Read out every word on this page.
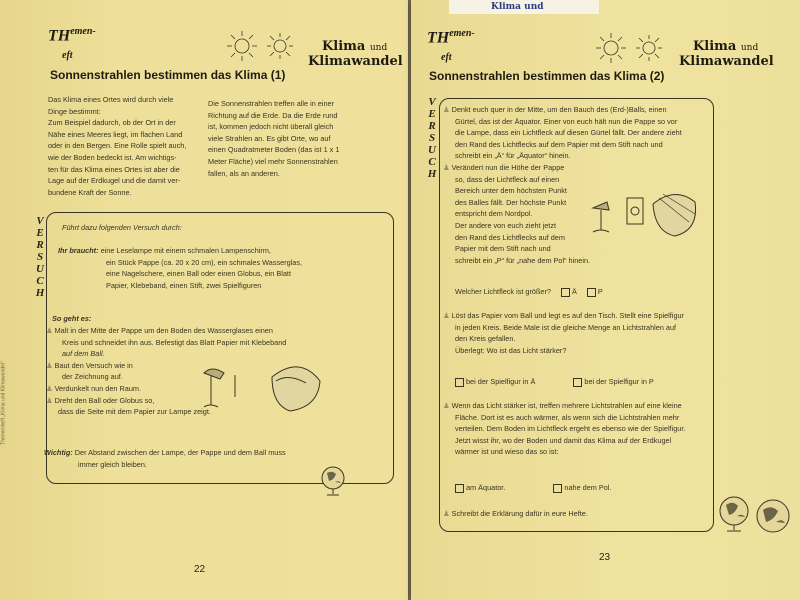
$TH^{emen-}$
eft
Klima und
Klimawandel
Sonnenstrahlen bestimmen das Klima (1)
Das Klima eines Ortes wird durch viele
Dinge bestimmt:
Zum Beispiel dadurch, ob der Ort in der
Nähe eines Meeres liegt, im flachen Land
oder in den Bergen. Eine Rolle spielt auch,
wie der Boden bedeckt ist. Am wichtigs-
ten für das Klima eines Ortes ist aber die
Lage auf der Erdkugel und die damit ver-
bundene Kraft der Sonne.
Die Sonnenstrahlen treffen alle in einer
Richtung auf die Erde. Da die Erde rund
ist, kommen jedoch nicht überall gleich
viele Strahlen an. Es gibt Orte, wo auf
einen Quadratmeter Boden (das ist 1 x 1
Meter Fläche) viel mehr Sonnenstrahlen
fallen, als an anderen.
V
E
R
S
U
C
H
Führt dazu folgenden Versuch durch:
Ihr braucht: eine Leselampe mit einem schmalen Lampenschirm,
ein Stück Pappe (ca. 20 x 20 cm), ein schmales Wasserglas,
eine Nagelschere, einen Ball oder einen Globus, ein Blatt
Papier, Klebeband, einen Stift, zwei Spielfiguren
So geht es:
♟ Malt in der Mitte der Pappe um den Boden des Wasserglases einen
Kreis und schneidet ihn aus. Befestigt das Blatt Papier mit Klebeband
auf dem Ball.
♟ Baut den Versuch wie in
der Zeichnung auf.
♟ Verdunkelt nun den Raum.
♟ Dreht den Ball oder Globus so,
dass die Seite mit dem Papier zur Lampe zeigt.
Wichtig: Der Abstand zwischen der Lampe, der Pappe und dem Ball muss
immer gleich bleiben.
22
Themenheft „Klima und Klimawandel“
Klima und
$TH^{emen-}$
eft
Klima und
Klimawandel
Sonnenstrahlen bestimmen das Klima (2)
V
E
R
S
U
C
H
♟ Denkt euch quer in der Mitte, um den Bauch des (Erd-)Balls, einen
Gürtel, das ist der Äquator. Einer von euch hält nun die Pappe so vor
die Lampe, dass ein Lichtfleck auf diesen Gürtel fällt. Der andere zieht
den Rand des Lichtflecks auf dem Papier mit dem Stift nach und
schreibt ein „Ä“ für „Äquator“ hinein.
♟ Verändert nun die Höhe der Pappe
so, dass der Lichtfleck auf einen
Bereich unter dem höchsten Punkt
des Balles fällt. Der höchste Punkt
entspricht dem Nordpol.
Der andere von euch zieht jetzt
den Rand des Lichtflecks auf dem
Papier mit dem Stift nach und
schreibt ein „P“ für „nahe dem Pol“ hinein.
Welcher Lichtfleck ist größer?	Ä	P
♟ Löst das Papier vom Ball und legt es auf den Tisch. Stellt eine Spielfigur
in jeden Kreis. Beide Male ist die gleiche Menge an Lichtstrahlen auf
den Kreis gefallen.
Überlegt: Wo ist das Licht stärker?
bei der Spielfigur in Ä	bei der Spielfigur in P
♟ Wenn das Licht stärker ist, treffen mehrere Lichtstrahlen auf eine kleine
Fläche. Dort ist es auch wärmer, als wenn sich die Lichtstrahlen mehr
verteilen. Dem Boden im Lichtfleck ergeht es ebenso wie der Spielfigur.
Jetzt wisst ihr, wo der Boden und damit das Klima auf der Erdkugel
wärmer ist und wieso das so ist:
am Äquator.	nahe dem Pol.
♟ Schreibt die Erklärung dafür in eure Hefte.
23
